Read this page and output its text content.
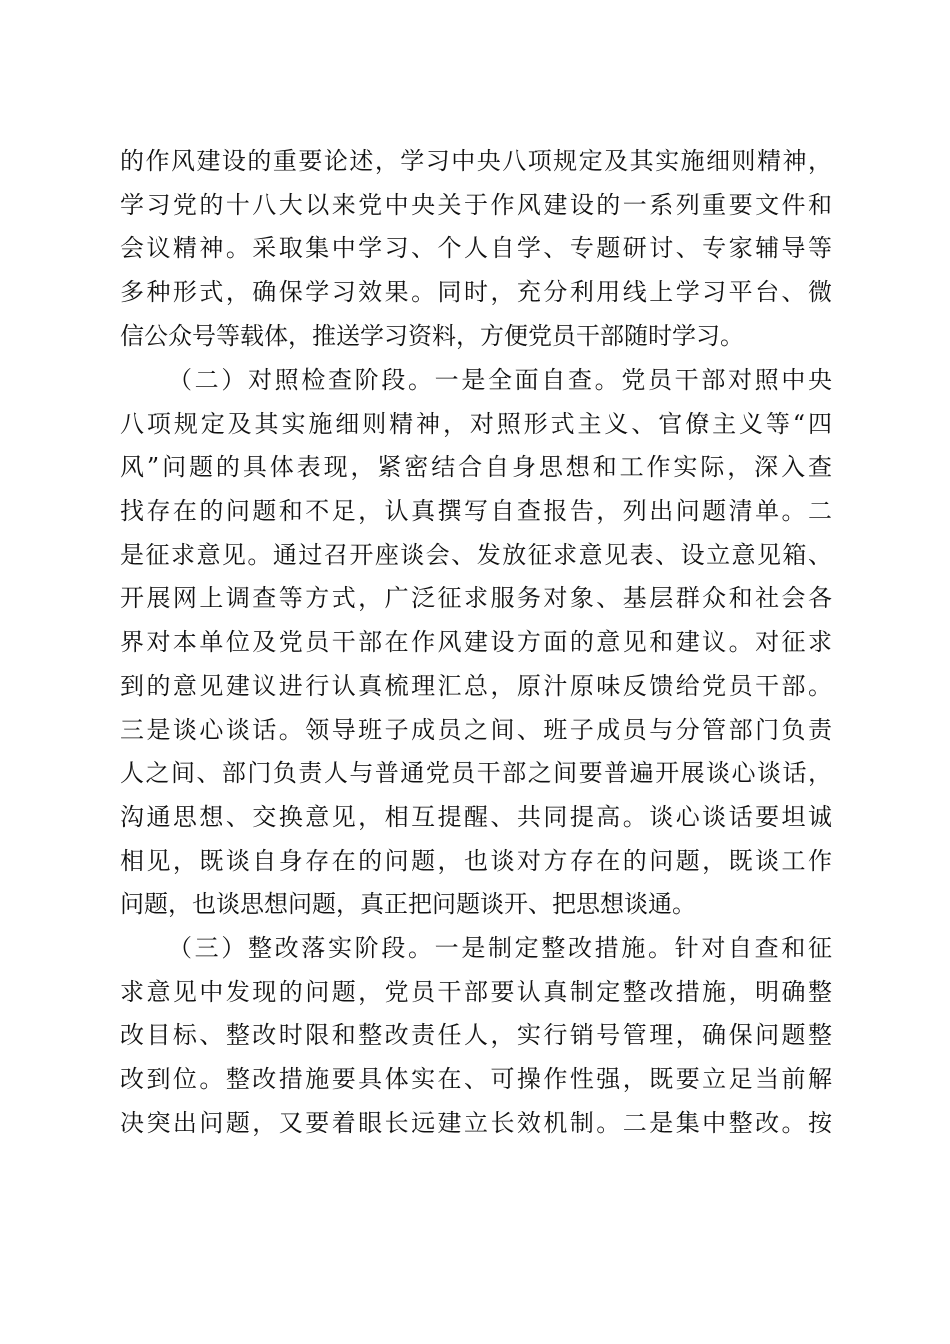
的作风建设的重要论述，学习中央八项规定及其实施细则精神，
学习党的十八大以来党中央关于作风建设的一系列重要文件和
会议精神。采取集中学习、个人自学、专题研讨、专家辅导等
多种形式，确保学习效果。同时，充分利用线上学习平台、微
信公众号等载体，推送学习资料，方便党员干部随时学习。
（二）对照检查阶段。一是全面自查。党员干部对照中央
八项规定及其实施细则精神，对照形式主义、官僚主义等“四
风”问题的具体表现，紧密结合自身思想和工作实际，深入查
找存在的问题和不足，认真撰写自查报告，列出问题清单。二
是征求意见。通过召开座谈会、发放征求意见表、设立意见箱、
开展网上调查等方式，广泛征求服务对象、基层群众和社会各
界对本单位及党员干部在作风建设方面的意见和建议。对征求
到的意见建议进行认真梳理汇总，原汁原味反馈给党员干部。
三是谈心谈话。领导班子成员之间、班子成员与分管部门负责
人之间、部门负责人与普通党员干部之间要普遍开展谈心谈话，
沟通思想、交换意见，相互提醒、共同提高。谈心谈话要坦诚
相见，既谈自身存在的问题，也谈对方存在的问题，既谈工作
问题，也谈思想问题，真正把问题谈开、把思想谈通。
（三）整改落实阶段。一是制定整改措施。针对自查和征
求意见中发现的问题，党员干部要认真制定整改措施，明确整
改目标、整改时限和整改责任人，实行销号管理，确保问题整
改到位。整改措施要具体实在、可操作性强，既要立足当前解
决突出问题，又要着眼长远建立长效机制。二是集中整改。按
